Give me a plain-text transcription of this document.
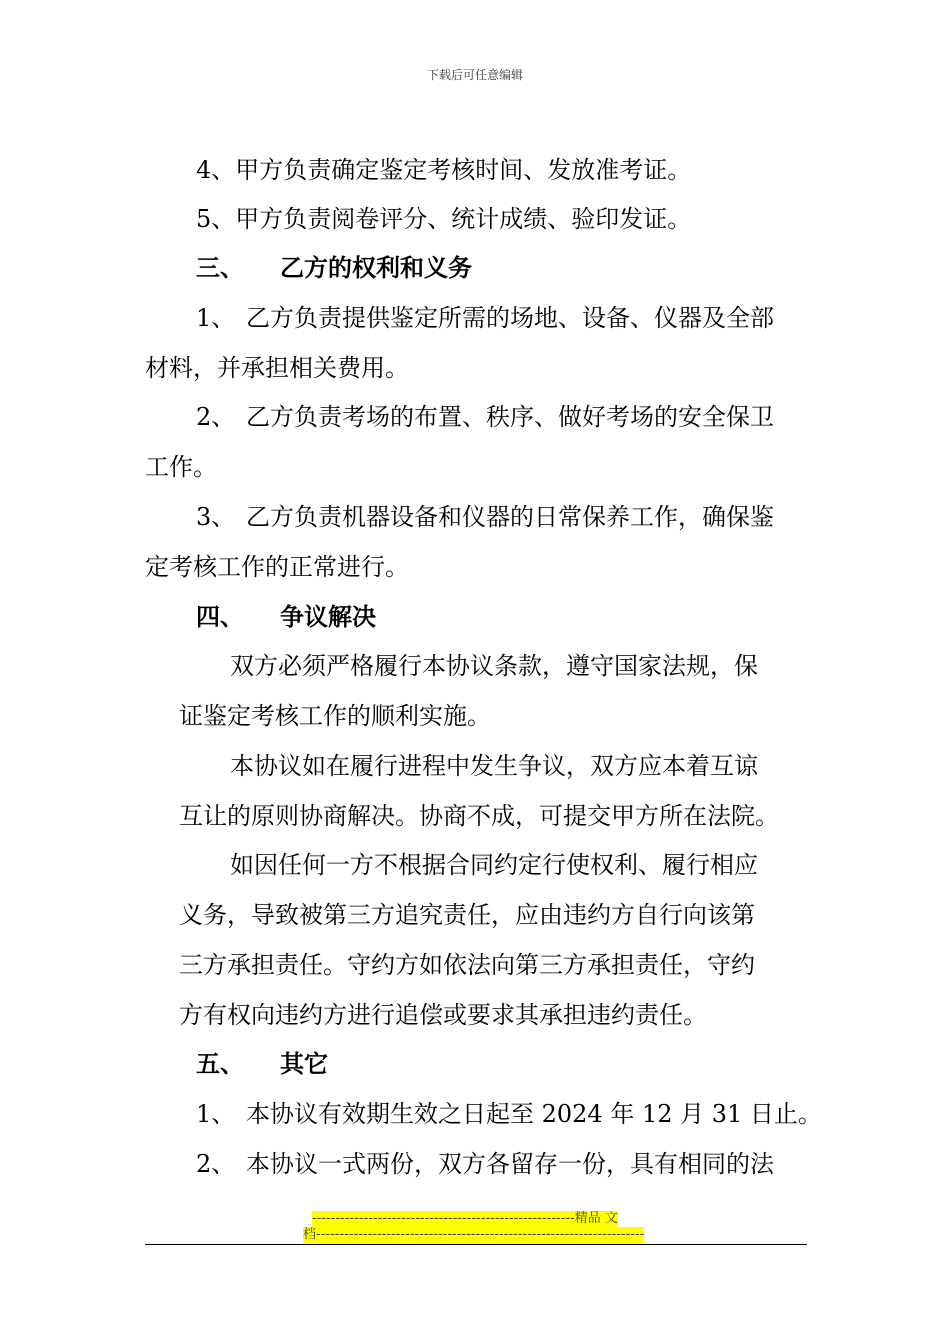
下载后可任意编辑
4、甲方负责确定鉴定考核时间、发放准考证。
5、甲方负责阅卷评分、统计成绩、验印发证。
三、 乙方的权利和义务
1、 乙方负责提供鉴定所需的场地、设备、仪器及全部
材料，并承担相关费用。
2、 乙方负责考场的布置、秩序、做好考场的安全保卫
工作。
3、 乙方负责机器设备和仪器的日常保养工作，确保鉴
定考核工作的正常进行。
四、 争议解决
双方必须严格履行本协议条款，遵守国家法规，保
证鉴定考核工作的顺利实施。
本协议如在履行进程中发生争议，双方应本着互谅
互让的原则协商解决。协商不成，可提交甲方所在法院。
如因任何一方不根据合同约定行使权利、履行相应
义务，导致被第三方追究责任，应由违约方自行向该第
三方承担责任。守约方如依法向第三方承担责任，守约
方有权向违约方进行追偿或要求其承担违约责任。
五、 其它
1、 本协议有效期生效之日起至 2024 年 12 月 31 日止。
2、 本协议一式两份，双方各留存一份，具有相同的法
--------------------------------------------------------精品 文
档----------------------------------------------------------------------
